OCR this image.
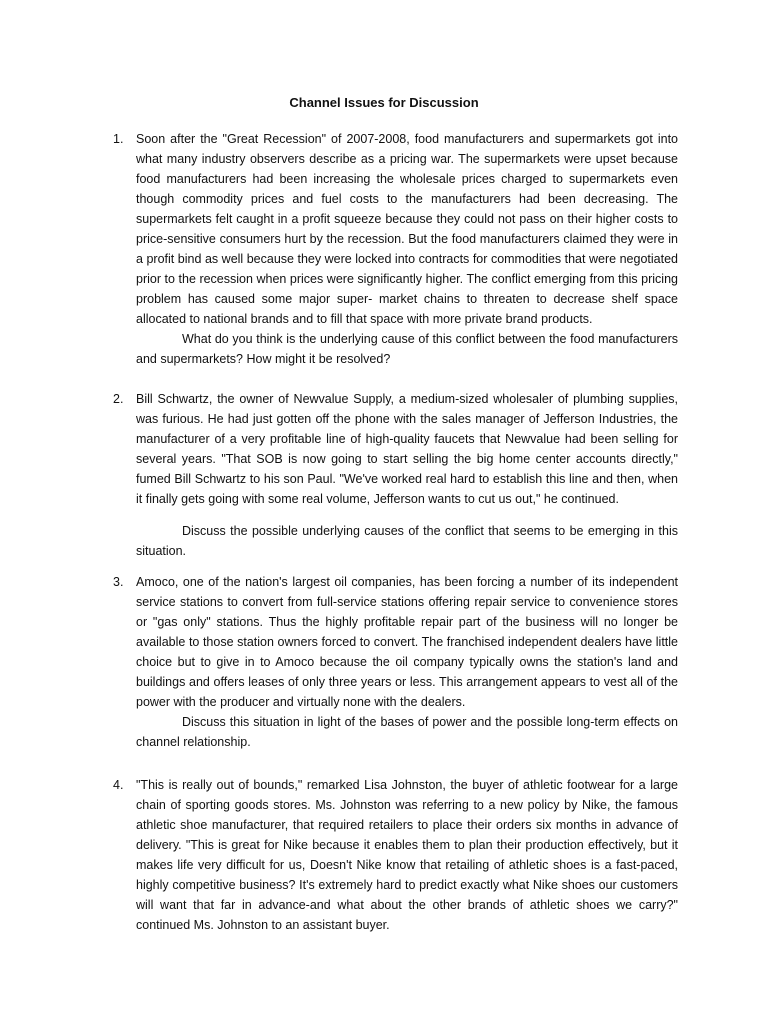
Channel Issues for Discussion
1.	Soon after the "Great Recession" of 2007-2008, food manufacturers and supermarkets got into what many industry observers describe as a pricing war. The supermarkets were upset because food manufacturers had been increasing the wholesale prices charged to supermarkets even though commodity prices and fuel costs to the manufacturers had been decreasing. The supermarkets felt caught in a profit squeeze because they could not pass on their higher costs to price-sensitive consumers hurt by the recession. But the food manufacturers claimed they were in a profit bind as well because they were locked into contracts for commodities that were negotiated prior to the recession when prices were significantly higher. The conflict emerging from this pricing problem has caused some major super- market chains to threaten to decrease shelf space allocated to national brands and to fill that space with more private brand products.

What do you think is the underlying cause of this conflict between the food manufacturers and supermarkets? How might it be resolved?

2.	Bill Schwartz, the owner of Newvalue Supply, a medium-sized wholesaler of plumbing supplies, was furious. He had just gotten off the phone with the sales manager of Jefferson Industries, the manufacturer of a very profitable line of high-quality faucets that Newvalue had been selling for several years. "That SOB is now going to start selling the big home center accounts directly," fumed Bill Schwartz to his son Paul. "We've worked real hard to establish this line and then, when it finally gets going with some real volume, Jefferson wants to cut us out," he continued.

Discuss the possible underlying causes of the conflict that seems to be emerging in this situation.

3.	Amoco, one of the nation's largest oil companies, has been forcing a number of its independent service stations to convert from full-service stations offering repair service to convenience stores or "gas only" stations. Thus the highly profitable repair part of the business will no longer be available to those station owners forced to convert. The franchised independent dealers have little choice but to give in to Amoco because the oil company typically owns the station's land and buildings and offers leases of only three years or less. This arrangement appears to vest all of the power with the producer and virtually none with the dealers.

Discuss this situation in light of the bases of power and the possible long-term effects on channel relationship.

4.	"This is really out of bounds," remarked Lisa Johnston, the buyer of athletic footwear for a large chain of sporting goods stores. Ms. Johnston was referring to a new policy by Nike, the famous athletic shoe manufacturer, that required retailers to place their orders six months in advance of delivery. "This is great for Nike because it enables them to plan their production effectively, but it makes life very difficult for us, Doesn't Nike know that retailing of athletic shoes is a fast-paced, highly competitive business? It's extremely hard to predict exactly what Nike shoes our customers will want that far in advance-and what about the other brands of athletic shoes we carry?" continued Ms. Johnston to an assistant buyer.
